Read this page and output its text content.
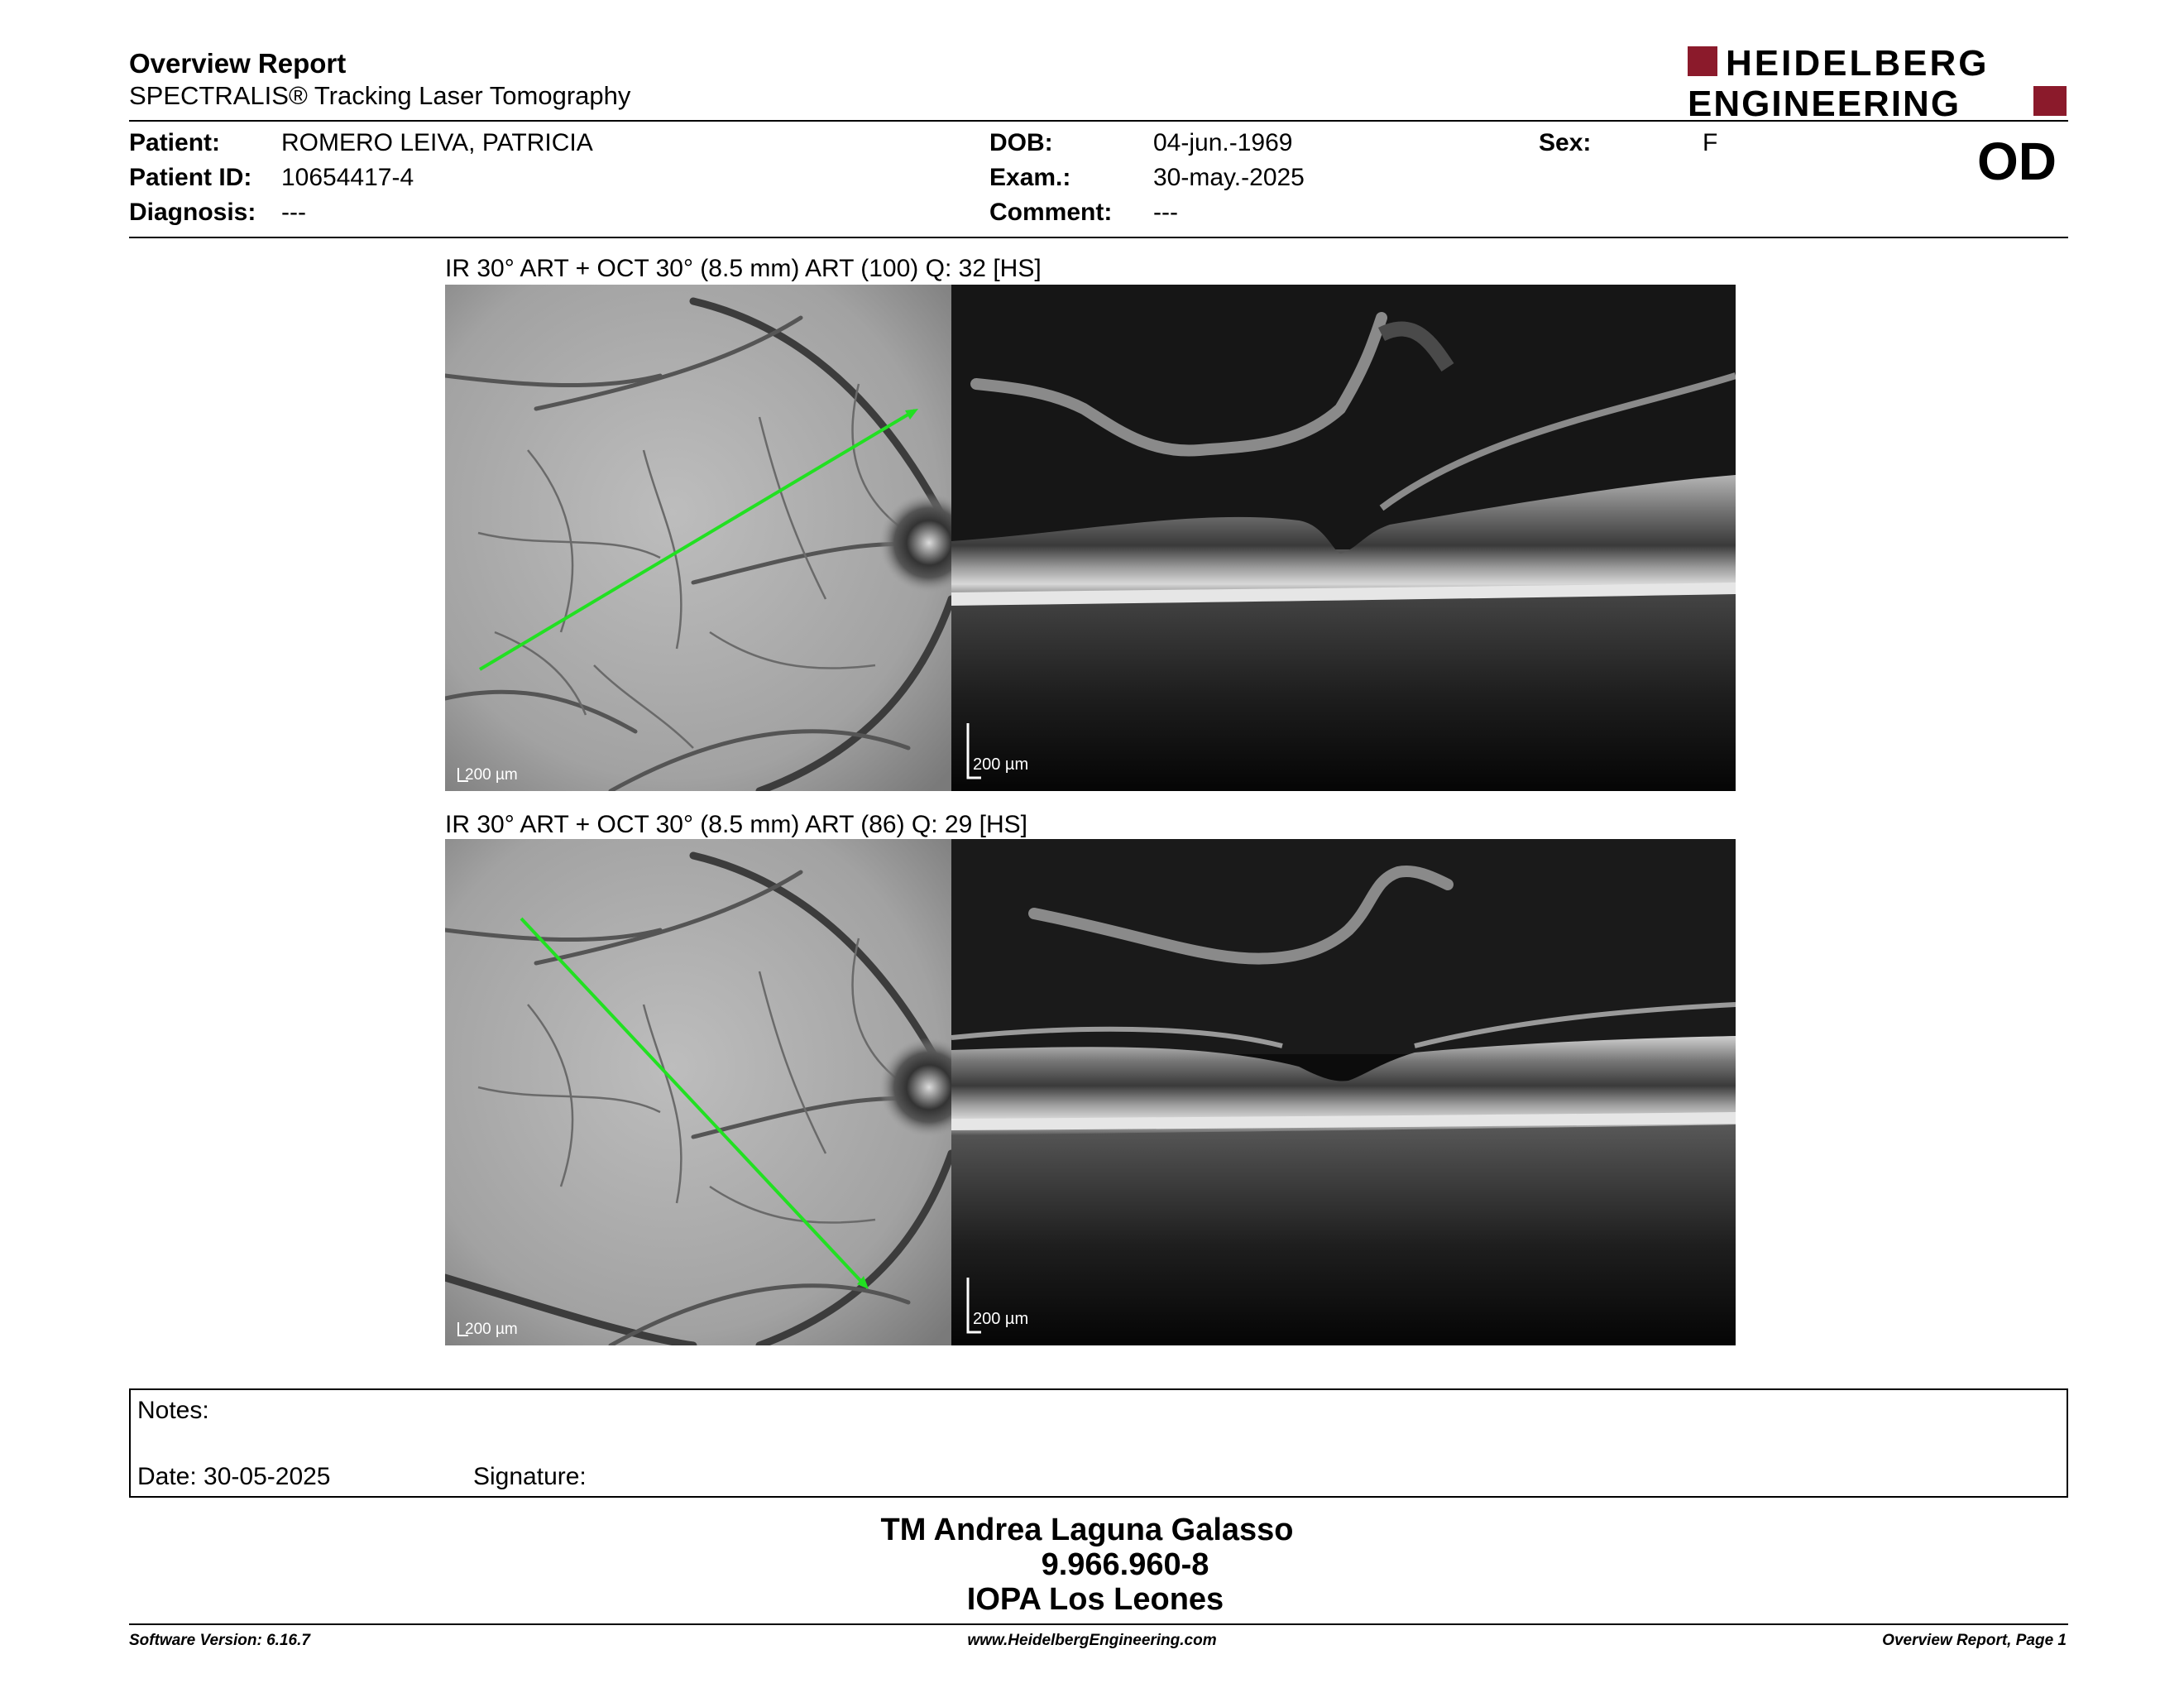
Overview Report
SPECTRALIS® Tracking Laser Tomography
HEIDELBERG
ENGINEERING
Patient: ROMERO LEIVA, PATRICIA
Patient ID: 10654417-4
Diagnosis: ---
DOB:	04-jun.-1969
Exam.:	30-may.-2025
Comment: ---
Sex:	F	OD
IR 30° ART + OCT 30° (8.5 mm) ART (100) Q: 32 [HS]
200 µm
200 µm
IR 30° ART + OCT 30° (8.5 mm) ART (86) Q: 29 [HS]
200 µm
200 µm
Notes:
Date: 30-05-2025	Signature:
TM Andrea Laguna Galasso
9.966.960-8
IOPA Los Leones
Software Version: 6.16.7	www.HeidelbergEngineering.com	Overview Report, Page 1
